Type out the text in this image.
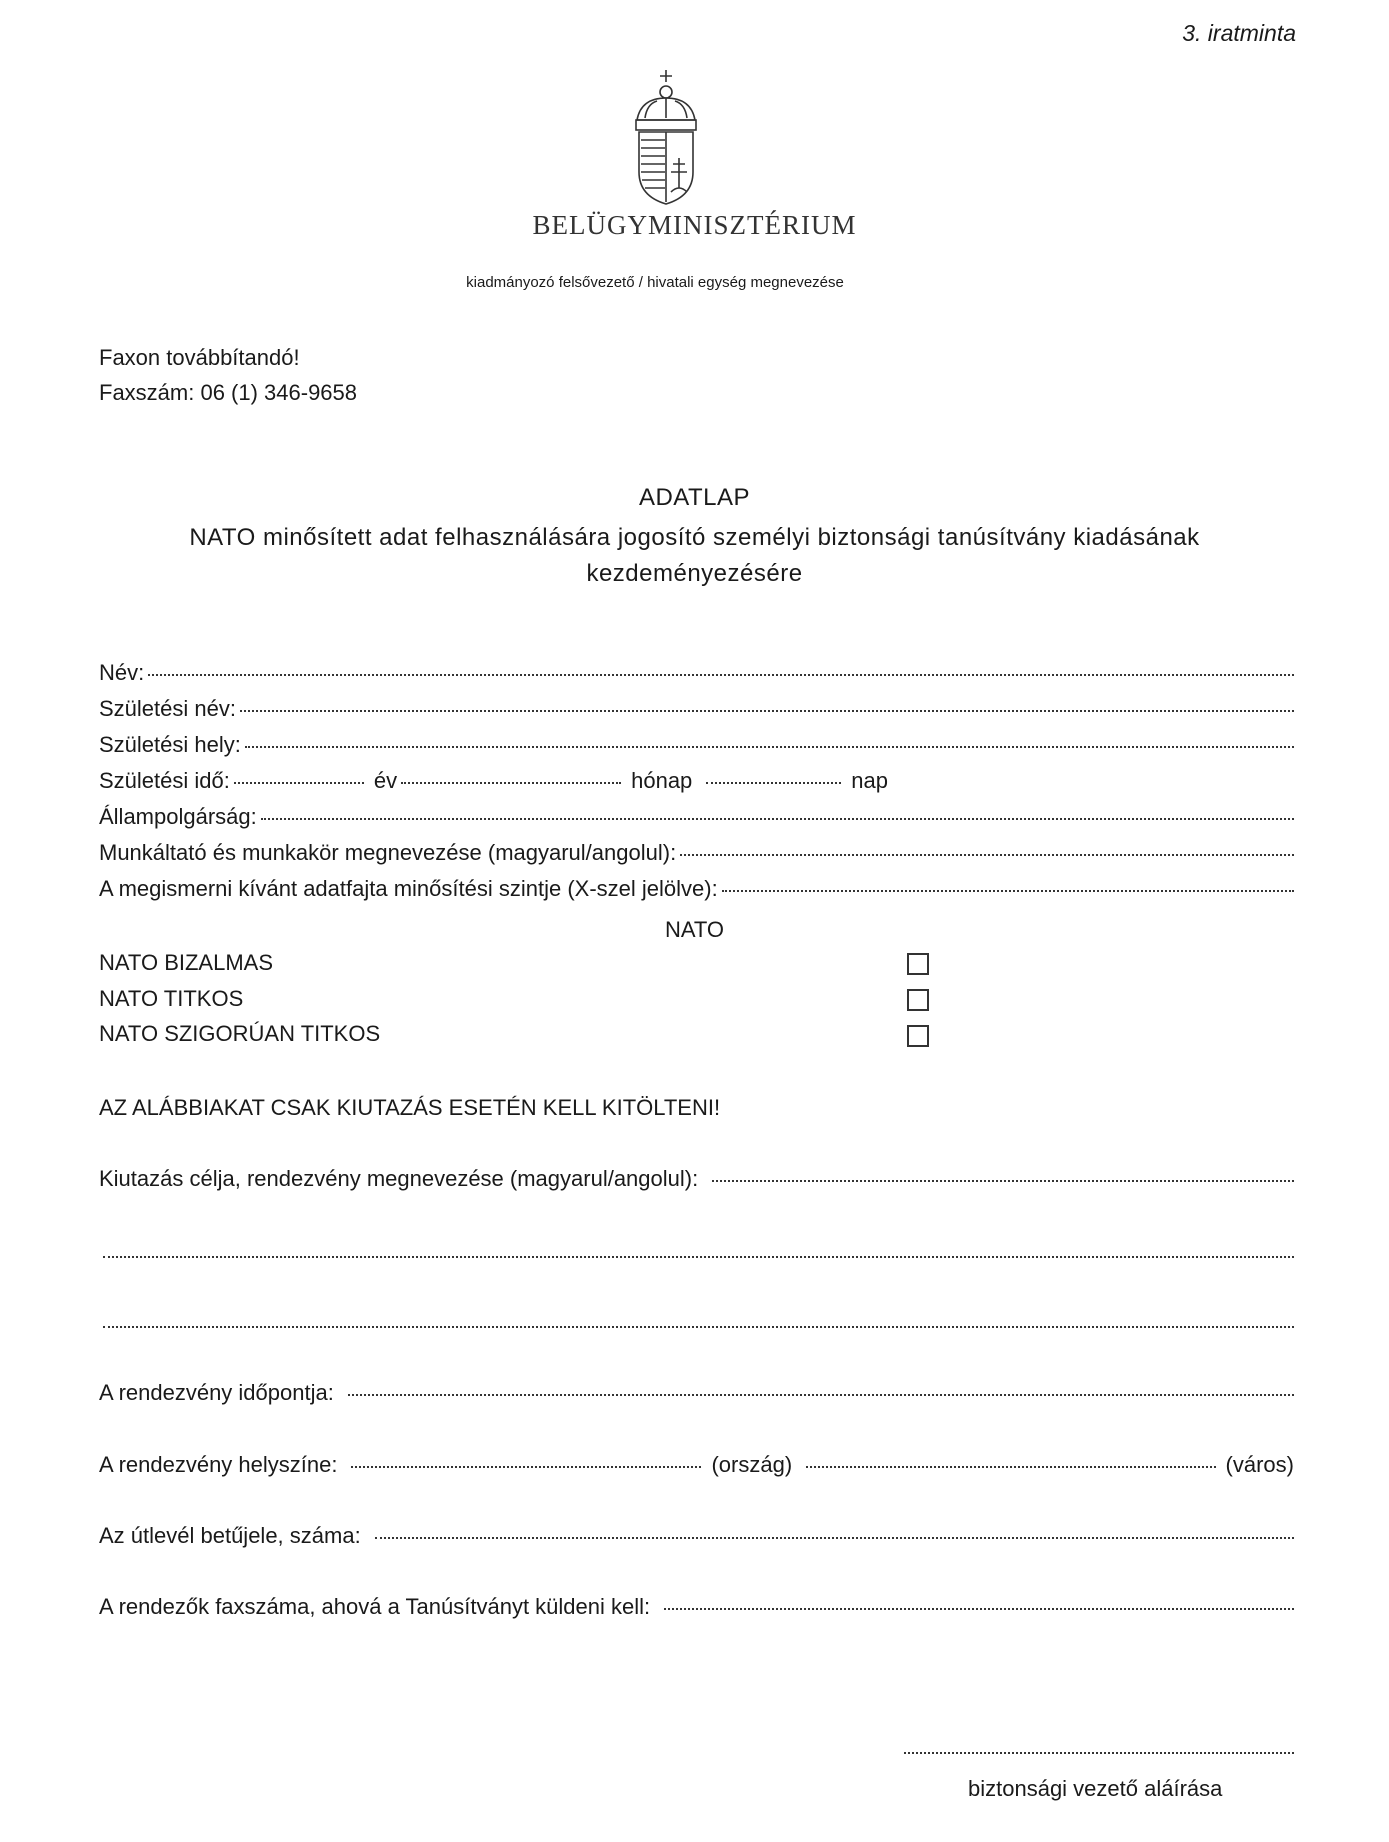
3. iratminta
BELÜGYMINISZTÉRIUM
kiadmányozó felsővezető / hivatali egység megnevezése
Faxon továbbítandó!
Faxszám: 06 (1) 346-9658
ADATLAP
NATO minősített adat felhasználására jogosító személyi biztonsági tanúsítvány kiadásának kezdeményezésére
Név:
Születési név:
Születési hely:
Születési idő:	év	hónap	nap
Állampolgárság:
Munkáltató és munkakör megnevezése (magyarul/angolul):
A megismerni kívánt adatfajta minősítési szintje (X-szel jelölve):
NATO
NATO BIZALMAS
NATO TITKOS
NATO SZIGORÚAN TITKOS
AZ ALÁBBIAKAT CSAK KIUTAZÁS ESETÉN KELL KITÖLTENI!
Kiutazás célja, rendezvény megnevezése (magyarul/angolul):
A rendezvény időpontja:
A rendezvény helyszíne:	(ország)	(város)
Az útlevél betűjele, száma:
A rendezők faxszáma, ahová a Tanúsítványt küldeni kell:
biztonsági vezető aláírása
